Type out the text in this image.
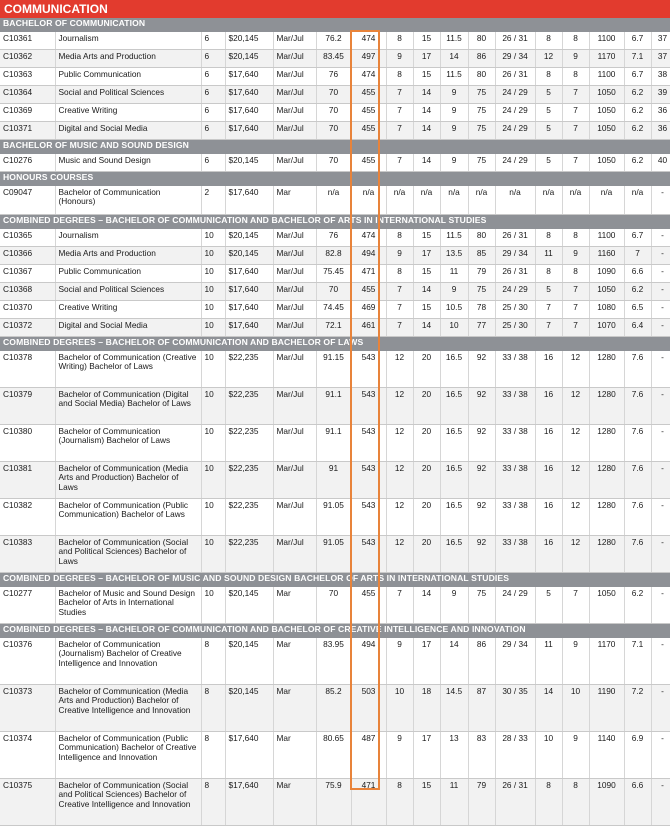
COMMUNICATION
BACHELOR OF COMMUNICATION																
C10361	Journalism	6	$20,145	Mar/Jul	76.2	474	8	15	11.5	80	26 / 31	8	8	1100	6.7	37
C10362	Media Arts and Production	6	$20,145	Mar/Jul	83.45	497	9	17	14	86	29 / 34	12	9	1170	7.1	37
C10363	Public Communication	6	$17,640	Mar/Jul	76	474	8	15	11.5	80	26 / 31	8	8	1100	6.7	38
C10364	Social and Political Sciences	6	$17,640	Mar/Jul	70	455	7	14	9	75	24 / 29	5	7	1050	6.2	39
C10369	Creative Writing	6	$17,640	Mar/Jul	70	455	7	14	9	75	24 / 29	5	7	1050	6.2	36
C10371	Digital and Social Media	6	$17,640	Mar/Jul	70	455	7	14	9	75	24 / 29	5	7	1050	6.2	36
BACHELOR OF MUSIC AND SOUND DESIGN																
C10276	Music and Sound Design	6	$20,145	Mar/Jul	70	455	7	14	9	75	24 / 29	5	7	1050	6.2	40
HONOURS COURSES																
C09047	Bachelor of Communication (Honours)	2	$17,640	Mar	n/a	n/a	n/a	n/a	n/a	n/a	n/a	n/a	n/a	n/a	n/a	-
COMBINED DEGREES – BACHELOR OF COMMUNICATION AND BACHELOR OF ARTS IN INTERNATIONAL STUDIES																
C10365	Journalism	10	$20,145	Mar/Jul	76	474	8	15	11.5	80	26 / 31	8	8	1100	6.7	-
C10366	Media Arts and Production	10	$20,145	Mar/Jul	82.8	494	9	17	13.5	85	29 / 34	11	9	1160	7	-
C10367	Public Communication	10	$17,640	Mar/Jul	75.45	471	8	15	11	79	26 / 31	8	8	1090	6.6	-
C10368	Social and Political Sciences	10	$17,640	Mar/Jul	70	455	7	14	9	75	24 / 29	5	7	1050	6.2	-
C10370	Creative Writing	10	$17,640	Mar/Jul	74.45	469	7	15	10.5	78	25 / 30	7	7	1080	6.5	-
C10372	Digital and Social Media	10	$17,640	Mar/Jul	72.1	461	7	14	10	77	25 / 30	7	7	1070	6.4	-
COMBINED DEGREES – BACHELOR OF COMMUNICATION AND BACHELOR OF LAWS																
C10378	Bachelor of Communication (Creative Writing) Bachelor of Laws	10	$22,235	Mar/Jul	91.15	543	12	20	16.5	92	33 / 38	16	12	1280	7.6	-
C10379	Bachelor of Communication (Digital and Social Media) Bachelor of Laws	10	$22,235	Mar/Jul	91.1	543	12	20	16.5	92	33 / 38	16	12	1280	7.6	-
C10380	Bachelor of Communication (Journalism) Bachelor of Laws	10	$22,235	Mar/Jul	91.1	543	12	20	16.5	92	33 / 38	16	12	1280	7.6	-
C10381	Bachelor of Communication (Media Arts and Production) Bachelor of Laws	10	$22,235	Mar/Jul	91	543	12	20	16.5	92	33 / 38	16	12	1280	7.6	-
C10382	Bachelor of Communication (Public Communication) Bachelor of Laws	10	$22,235	Mar/Jul	91.05	543	12	20	16.5	92	33 / 38	16	12	1280	7.6	-
C10383	Bachelor of Communication (Social and Political Sciences) Bachelor of Laws	10	$22,235	Mar/Jul	91.05	543	12	20	16.5	92	33 / 38	16	12	1280	7.6	-
COMBINED DEGREES – BACHELOR OF MUSIC AND SOUND DESIGN BACHELOR OF ARTS IN INTERNATIONAL STUDIES																
C10277	Bachelor of Music and Sound Design Bachelor of Arts in International Studies	10	$20,145	Mar	70	455	7	14	9	75	24 / 29	5	7	1050	6.2	-
COMBINED DEGREES – BACHELOR OF COMMUNICATION AND BACHELOR OF CREATIVE INTELLIGENCE AND INNOVATION																
C10376	Bachelor of Communication (Journalism) Bachelor of Creative Intelligence and Innovation	8	$20,145	Mar	83.95	494	9	17	14	86	29 / 34	11	9	1170	7.1	-
C10373	Bachelor of Communication (Media Arts and Production) Bachelor of Creative Intelligence and Innovation	8	$20,145	Mar	85.2	503	10	18	14.5	87	30 / 35	14	10	1190	7.2	-
C10374	Bachelor of Communication (Public Communication) Bachelor of Creative Intelligence and Innovation	8	$17,640	Mar	80.65	487	9	17	13	83	28 / 33	10	9	1140	6.9	-
C10375	Bachelor of Communication (Social and Political Sciences) Bachelor of Creative Intelligence and Innovation	8	$17,640	Mar	75.9	471	8	15	11	79	26 / 31	8	8	1090	6.6	-
